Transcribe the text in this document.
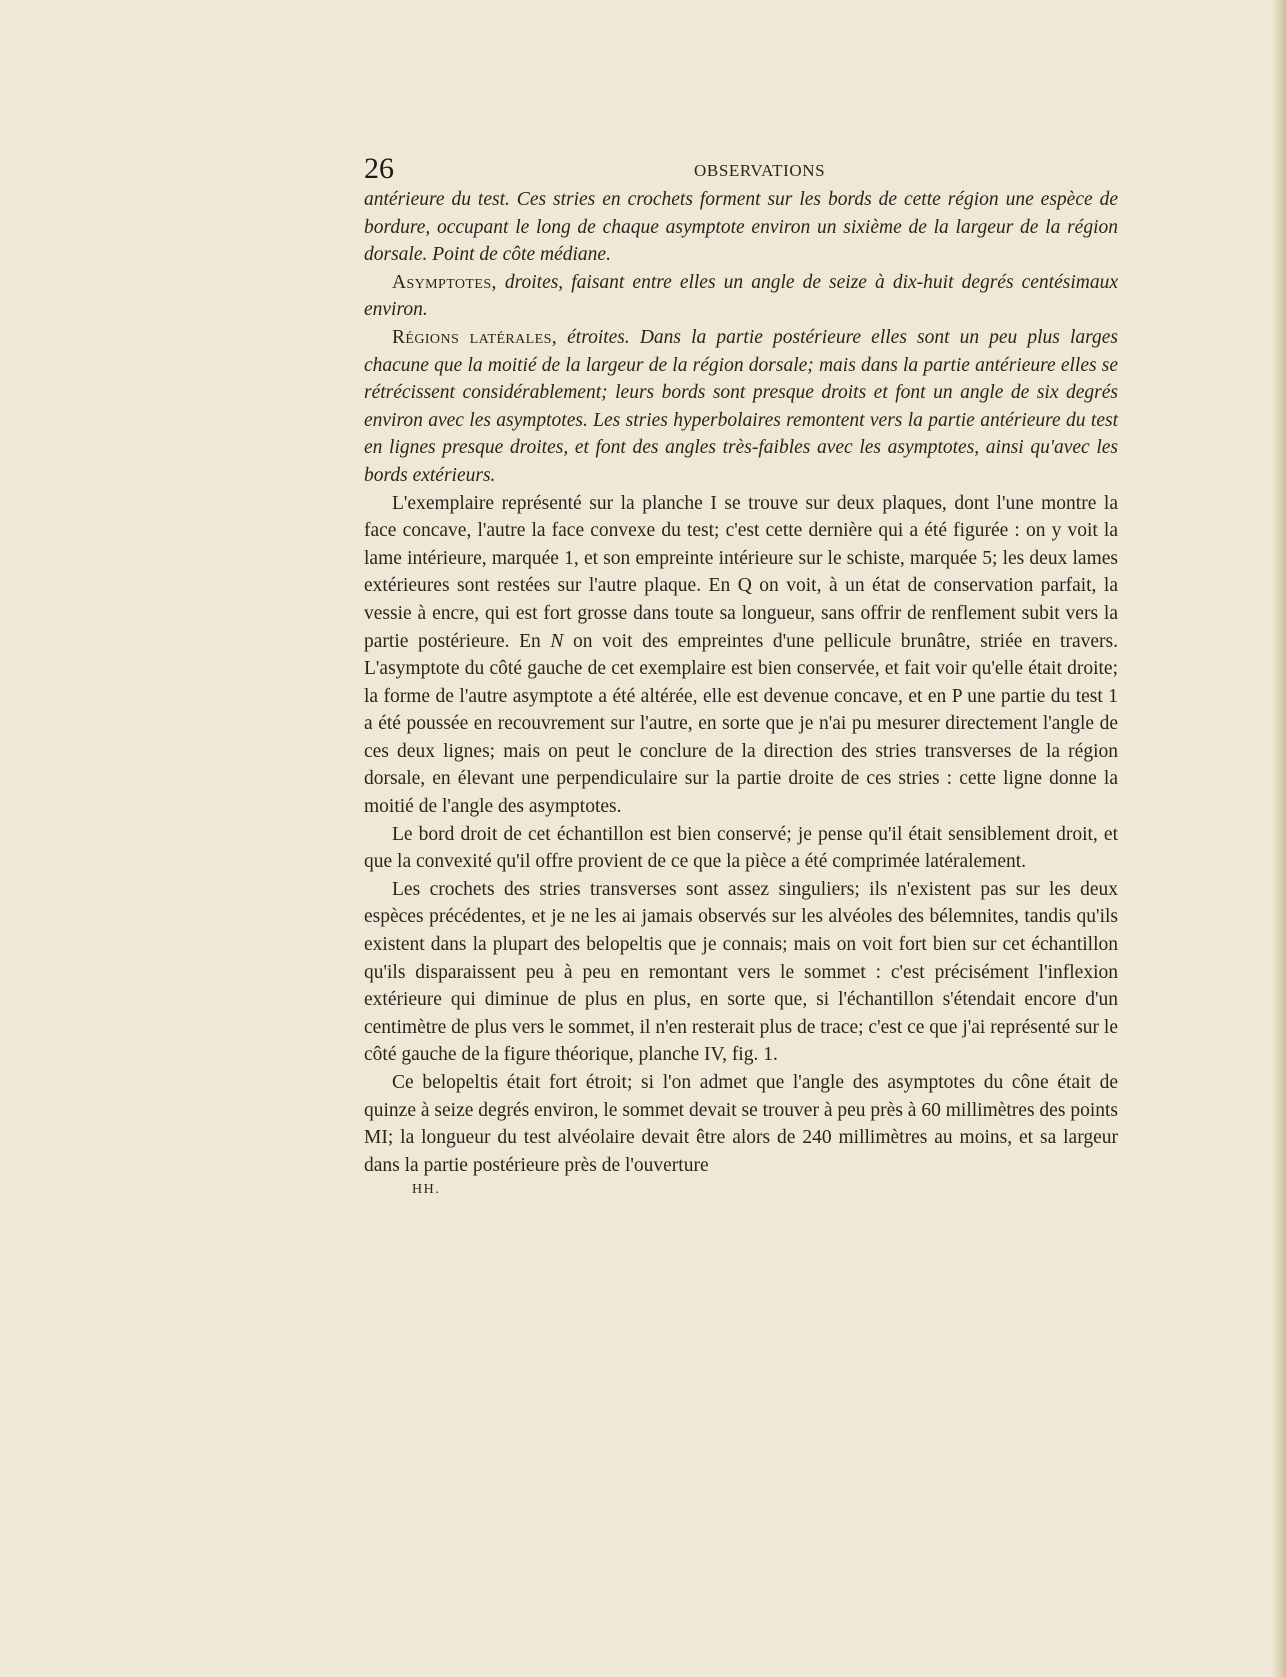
26	OBSERVATIONS

antérieure du test. Ces stries en crochets forment sur les bords de cette région une espèce de bordure, occupant le long de chaque asymptote environ un sixième de la largeur de la région dorsale. Point de côte médiane.

Asymptotes, droites, faisant entre elles un angle de seize à dix-huit degrés centésimaux environ.

Régions latérales, étroites. Dans la partie postérieure elles sont un peu plus larges chacune que la moitié de la largeur de la région dorsale; mais dans la partie antérieure elles se rétrécissent considérablement; leurs bords sont presque droits et font un angle de six degrés environ avec les asymptotes. Les stries hyperbolaires remontent vers la partie antérieure du test en lignes presque droites, et font des angles très-faibles avec les asymptotes, ainsi qu'avec les bords extérieurs.

L'exemplaire représenté sur la planche I se trouve sur deux plaques, dont l'une montre la face concave, l'autre la face convexe du test; c'est cette dernière qui a été figurée : on y voit la lame intérieure, marquée 1, et son empreinte intérieure sur le schiste, marquée 5; les deux lames extérieures sont restées sur l'autre plaque. En Q on voit, à un état de conservation parfait, la vessie à encre, qui est fort grosse dans toute sa longueur, sans offrir de renflement subit vers la partie postérieure. En N on voit des empreintes d'une pellicule brunâtre, striée en travers. L'asymptote du côté gauche de cet exemplaire est bien conservée, et fait voir qu'elle était droite; la forme de l'autre asymptote a été altérée, elle est devenue concave, et en P une partie du test 1 a été poussée en recouvrement sur l'autre, en sorte que je n'ai pu mesurer directement l'angle de ces deux lignes; mais on peut le conclure de la direction des stries transverses de la région dorsale, en élevant une perpendiculaire sur la partie droite de ces stries : cette ligne donne la moitié de l'angle des asymptotes.

Le bord droit de cet échantillon est bien conservé; je pense qu'il était sensiblement droit, et que la convexité qu'il offre provient de ce que la pièce a été comprimée latéralement.

Les crochets des stries transverses sont assez singuliers; ils n'existent pas sur les deux espèces précédentes, et je ne les ai jamais observés sur les alvéoles des bélemnites, tandis qu'ils existent dans la plupart des belopeltis que je connais; mais on voit fort bien sur cet échantillon qu'ils disparaissent peu à peu en remontant vers le sommet : c'est précisément l'inflexion extérieure qui diminue de plus en plus, en sorte que, si l'échantillon s'étendait encore d'un centimètre de plus vers le sommet, il n'en resterait plus de trace; c'est ce que j'ai représenté sur le côté gauche de la figure théorique, planche IV, fig. 1.

Ce belopeltis était fort étroit; si l'on admet que l'angle des asymptotes du cône était de quinze à seize degrés environ, le sommet devait se trouver à peu près à 60 millimètres des points MI; la longueur du test alvéolaire devait être alors de 240 millimètres au moins, et sa largeur dans la partie postérieure près de l'ouverture

HH.
